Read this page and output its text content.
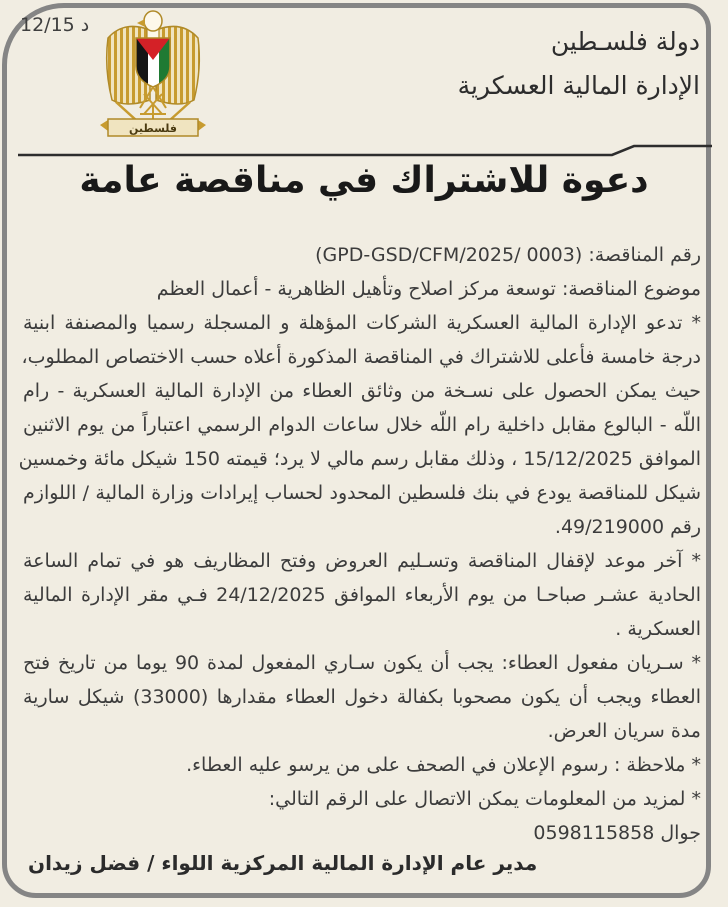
د 12/15
فلسطين
دولة فلسـطين
الإدارة المالية العسكرية
دعوة للاشتراك في مناقصة عامة
رقم المناقصة: (GPD-GSD/CFM/2025/ 0003)
موضوع المناقصة: توسعة مركز اصلاح وتأهيل الظاهرية - أعمال العظم
* تدعو الإدارة المالية العسكرية الشركات المؤهلة و المسجلة رسميا والمصنفة ابنية
درجة خامسة فأعلى للاشتراك في المناقصة المذكورة أعلاه حسب الاختصاص المطلوب،
حيث يمكن الحصول على نسـخة من وثائق العطاء من الإدارة المالية العسكرية - رام
اللّه - البالوع مقابل داخلية رام اللّه خلال ساعات الدوام الرسمي اعتباراً من يوم الاثنين
الموافق 15/12/2025 ، وذلك مقابل رسم مالي لا يرد؛ قيمته 150 شيكل مائة وخمسين
شيكل للمناقصة يودع في بنك فلسطين المحدود لحساب إيرادات وزارة المالية / اللوازم
رقم 49/219000.
* آخر موعد لإقفال المناقصة وتسـليم العروض وفتح المظاريف هو في تمام الساعة
الحادية عشـر صباحـا من يوم الأربعاء الموافق 24/12/2025 فـي مقر الإدارة المالية
العسكرية .
* سـريان مفعول العطاء: يجب أن يكون سـاري المفعول لمدة 90 يوما من تاريخ فتح
العطاء ويجب أن يكون مصحوبا بكفالة دخول العطاء مقدارها (33000) شيكل سارية
مدة سريان العرض.
* ملاحظة : رسوم الإعلان في الصحف على من يرسو عليه العطاء.
* لمزيد من المعلومات يمكن الاتصال على الرقم التالي:
جوال 0598115858
مدير عام الإدارة المالية المركزية اللواء / فضل زيدان
